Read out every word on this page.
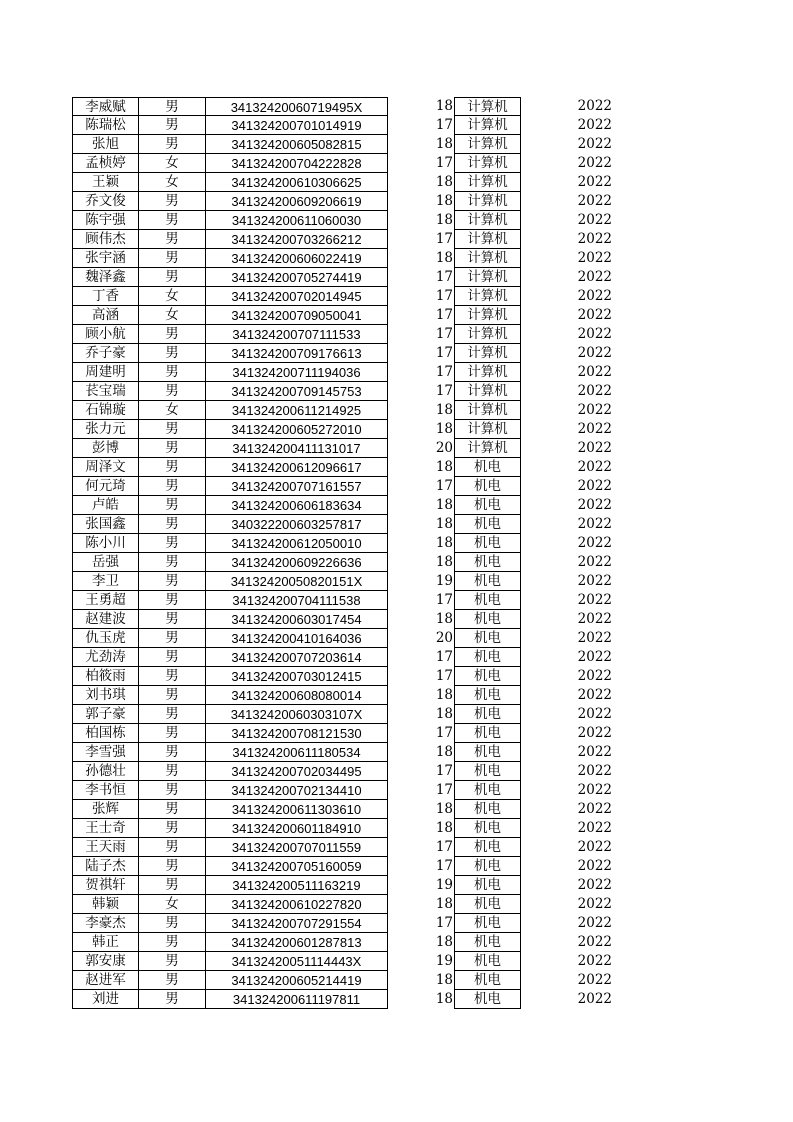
李威赋	男	34132420060719495X	18	计算机	2022
陈瑞松	男	341324200701014919	17	计算机	2022
张旭	男	341324200605082815	18	计算机	2022
孟桢婷	女	341324200704222828	17	计算机	2022
王颖	女	341324200610306625	18	计算机	2022
乔文俊	男	341324200609206619	18	计算机	2022
陈宇强	男	341324200611060030	18	计算机	2022
顾伟杰	男	341324200703266212	17	计算机	2022
张宇涵	男	341324200606022419	18	计算机	2022
魏泽鑫	男	341324200705274419	17	计算机	2022
丁香	女	341324200702014945	17	计算机	2022
高涵	女	341324200709050041	17	计算机	2022
顾小航	男	341324200707111533	17	计算机	2022
乔子豪	男	341324200709176613	17	计算机	2022
周建明	男	341324200711194036	17	计算机	2022
苌宝瑞	男	341324200709145753	17	计算机	2022
石锦璇	女	341324200611214925	18	计算机	2022
张力元	男	341324200605272010	18	计算机	2022
彭博	男	341324200411131017	20	计算机	2022
周泽文	男	341324200612096617	18	机电	2022
何元琦	男	341324200707161557	17	机电	2022
卢皓	男	341324200606183634	18	机电	2022
张国鑫	男	340322200603257817	18	机电	2022
陈小川	男	341324200612050010	18	机电	2022
岳强	男	341324200609226636	18	机电	2022
李卫	男	34132420050820151X	19	机电	2022
王勇超	男	341324200704111538	17	机电	2022
赵建波	男	341324200603017454	18	机电	2022
仇玉虎	男	341324200410164036	20	机电	2022
尤劲涛	男	341324200707203614	17	机电	2022
柏筱雨	男	341324200703012415	17	机电	2022
刘书琪	男	341324200608080014	18	机电	2022
郭子豪	男	34132420060303107X	18	机电	2022
柏国栋	男	341324200708121530	17	机电	2022
李雪强	男	341324200611180534	18	机电	2022
孙德壮	男	341324200702034495	17	机电	2022
李书恒	男	341324200702134410	17	机电	2022
张辉	男	341324200611303610	18	机电	2022
王士奇	男	341324200601184910	18	机电	2022
王天雨	男	341324200707011559	17	机电	2022
陆子杰	男	341324200705160059	17	机电	2022
贺祺轩	男	341324200511163219	19	机电	2022
韩颖	女	341324200610227820	18	机电	2022
李豪杰	男	341324200707291554	17	机电	2022
韩正	男	341324200601287813	18	机电	2022
郭安康	男	34132420051114443X	19	机电	2022
赵进军	男	341324200605214419	18	机电	2022
刘进	男	341324200611197811	18	机电	2022
